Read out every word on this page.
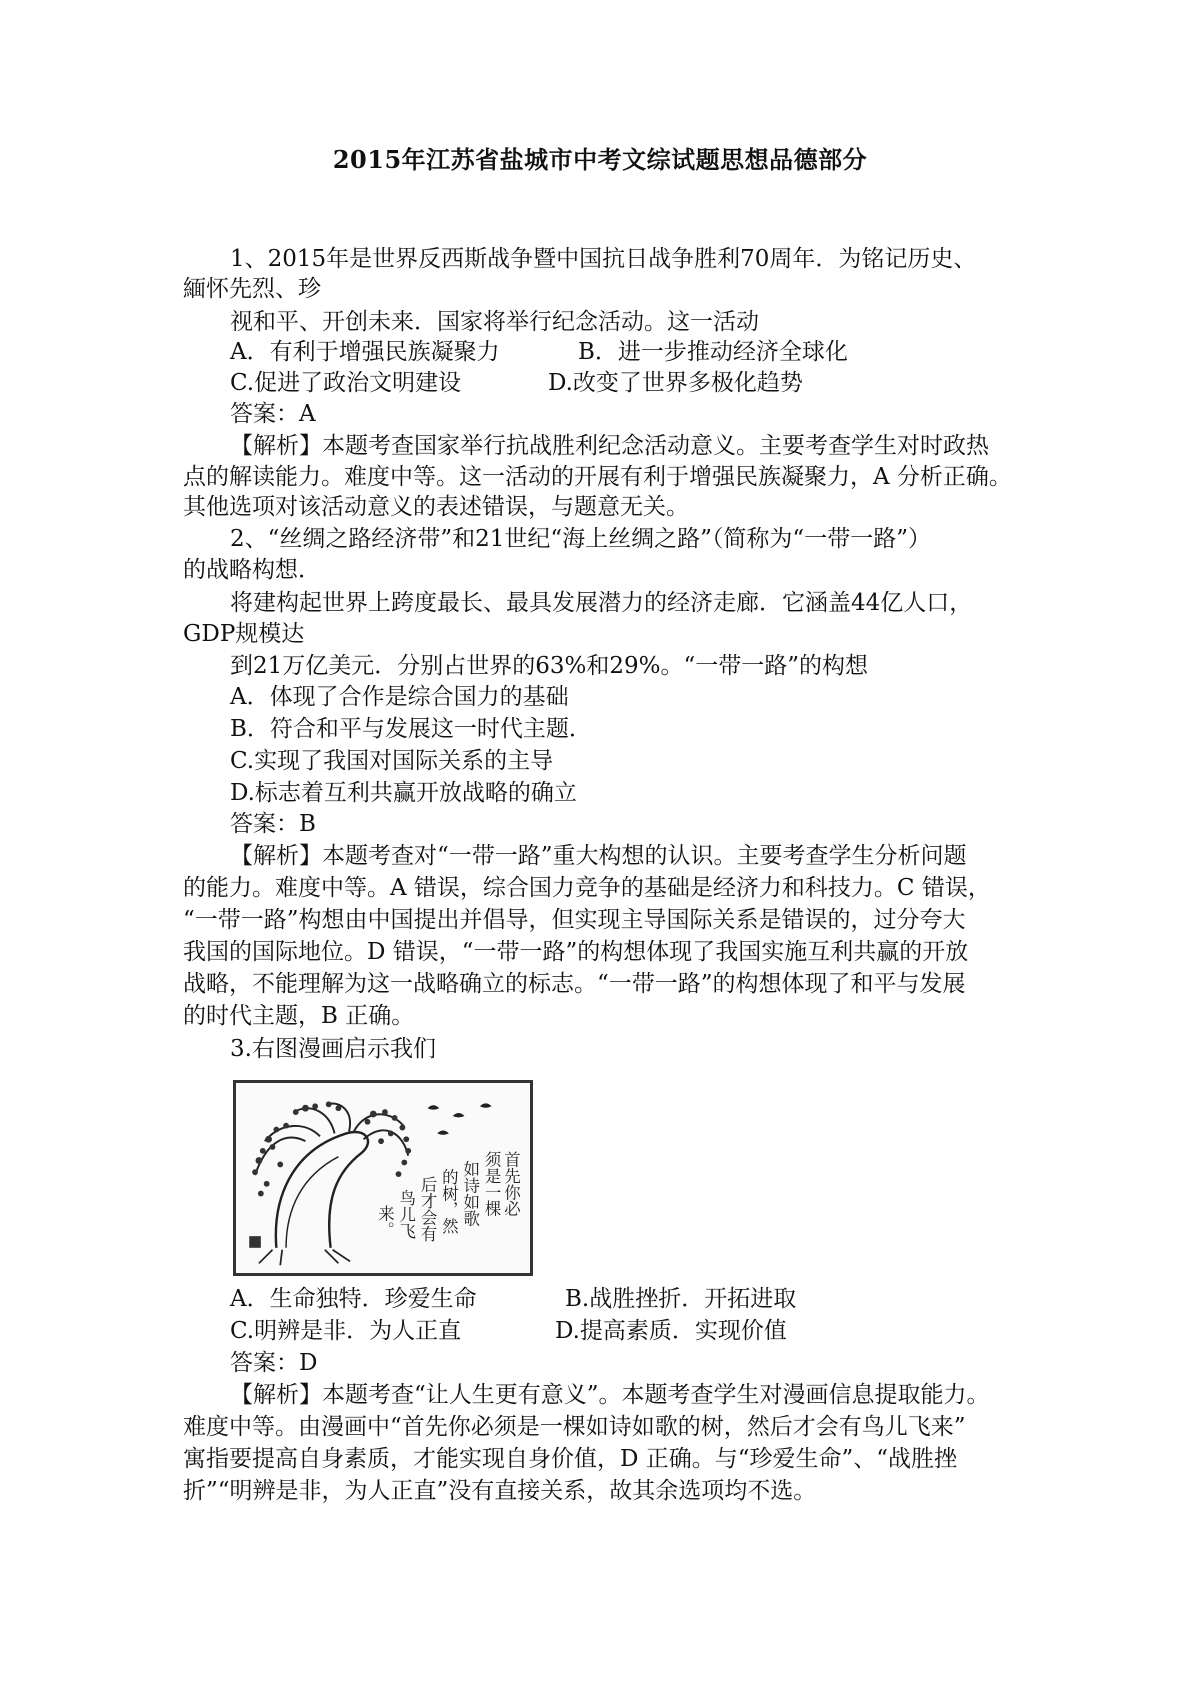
2015年江苏省盐城市中考文综试题思想品德部分
1、2015年是世界反西斯战争暨中国抗日战争胜利70周年．为铭记历史、
緬怀先烈、珍
视和平、开创未来．国家将举行纪念活动。这一活动
A．有利于增强民族凝聚力	B．进一步推动经济全球化
C.促进了政治文明建设	D.改变了世界多极化趋势
答案：A
【解析】本题考查国家举行抗战胜利纪念活动意义。主要考查学生对时政热
点的解读能力。难度中等。这一活动的开展有利于增强民族凝聚力，A 分析正确。
其他选项对该活动意义的表述错误，与题意无关。
2、“丝绸之路经济带”和21世纪“海上丝绸之路”（简称为“一带一路”）
的战略构想．
将建构起世界上跨度最长、最具发展潜力的经济走廊．它涵盖44亿人口，
GDP规模达
到21万亿美元．分别占世界的63%和29%。“一带一路”的构想
A．体现了合作是综合国力的基础
B．符合和平与发展这一时代主题．
C.实现了我国对国际关系的主导
D.标志着互利共赢开放战略的确立
答案：B
【解析】本题考查对“一带一路”重大构想的认识。主要考查学生分析问题
的能力。难度中等。A 错误，综合国力竞争的基础是经济力和科技力。C 错误，
“一带一路”构想由中国提出并倡导，但实现主导国际关系是错误的，过分夸大
我国的国际地位。D 错误，“一带一路”的构想体现了我国实施互利共赢的开放
战略，不能理解为这一战略确立的标志。“一带一路”的构想体现了和平与发展
的时代主题，B 正确。
3.右图漫画启示我们
首先你必
须是一棵
如诗如歌
的树，然
后才会有
鸟儿飞
来。
A．生命独特．珍爱生命	B.战胜挫折．开拓进取
C.明辨是非．为人正直	D.提高素质．实现价值
答案：D
【解析】本题考查“让人生更有意义”。本题考查学生对漫画信息提取能力。
难度中等。由漫画中“首先你必须是一棵如诗如歌的树，然后才会有鸟儿飞来”
寓指要提高自身素质，才能实现自身价值，D 正确。与“珍爱生命”、“战胜挫
折”“明辨是非，为人正直”没有直接关系，故其余选项均不选。
